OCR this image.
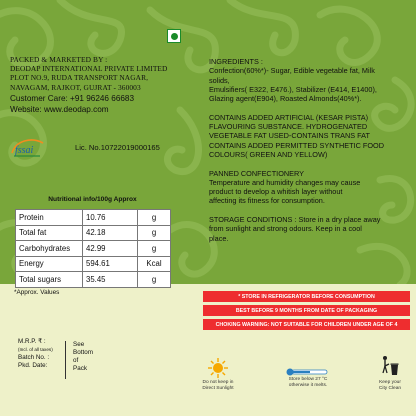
PACKED & MARKETED BY :
DEODAP INTERNATIONAL PRIVATE LIMITED
PLOT NO.9, RUDA TRANSPORT NAGAR,
NAVAGAM, RAJKOT, GUJRAT - 360003
Customer Care: +91 96246 66683
Website: www.deodap.com
fssai	Lic. No.10722019000165
Nutritional info/100g Approx
Protein	10.76	g
Total fat	42.18	g
Carbohydrates	42.99	g
Energy	594.61	Kcal
Total sugars	35.45	g
*Approx. Values
INGREDIENTS :
Confection(60%*)- Sugar, Edible vegetable fat, Milk
solids,
Emulsifiers( E322, E476.), Stabilizer (E414, E1400),
Glazing agent(E904), Roasted Almonds(40%*).
CONTAINS ADDED ARTIFICIAL (KESAR PISTA)
FLAVOURING SUBSTANCE. HYDROGENATED
VEGETABLE FAT USED-CONTAINS TRANS FAT
CONTAINS ADDED PERMITTED SYNTHETIC FOOD
COLOURS( GREEN AND YELLOW)
PANNED CONFECTIONERY
Temperature and humidity changes may cause
product to develop a whitish layer without
affecting its fitness for consumption.
STORAGE CONDITIONS : Store in a dry place away
from sunlight and strong odours. Keep in a cool
place.
* STORE IN REFRIGERATOR BEFORE CONSUMPTION
BEST BEFORE 9 MONTHS FROM DATE OF PACKAGING
CHOKING WARNING: NOT SUITABLE FOR CHILDREN UNDER AGE OF 4
M.R.P. ₹ :
(Incl. of all taxes)
Batch No. :
Pkd. Date:
See
Bottom
of
Pack
Do not keep in
Direct Sunlight
Store below 27 °C
otherwise it melts.
Keep your
City Clean
